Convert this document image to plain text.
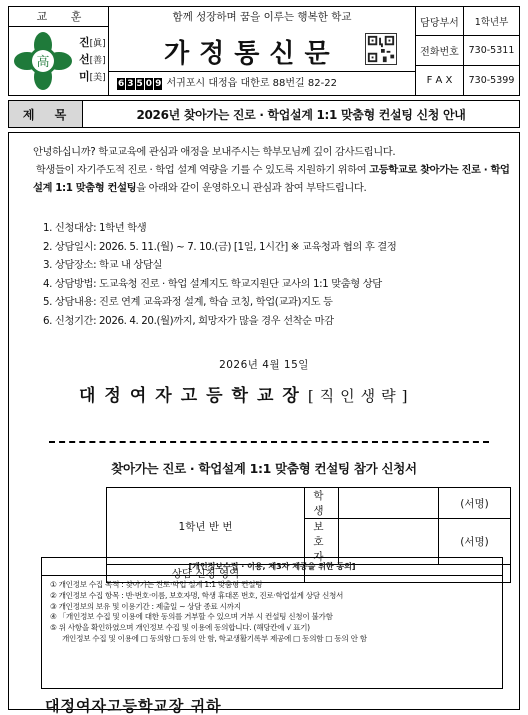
교 훈
高
진[眞]
선[善]
미[美]
함께 성장하며 꿈을 이루는 행복한 학교
가정통신문
6 3 5 0 9 서귀포시 대정읍 대한로 88번길 82-22
담당부서	1학년부
전화번호	730-5311
F A X	730-5399
제 목	2026년 찾아가는 진로 · 학업설계 1:1 맞춤형 컨설팅 신청 안내
안녕하십니까? 학교교육에 관심과 애정을 보내주시는 학부모님께 깊이 감사드립니다.
학생들이 자기주도적 진로 · 학업 설계 역량을 기를 수 있도록 지원하기 위하여 고등학교로 찾아가는 진로 · 학업설계 1:1 맞춤형 컨설팅을 아래와 같이 운영하오니 관심과 참여 부탁드립니다.
1. 신청대상: 1학년 학생
2. 상담일시: 2026. 5. 11.(월) ~ 7. 10.(금) [1일, 1시간] ※ 교육청과 협의 후 결정
3. 상담장소: 학교 내 상담실
4. 상담방법: 도교육청 진로 · 학업 설계지도 학교지원단 교사의 1:1 맞춤형 상담
5. 상담내용: 진로 연계 교육과정 설계, 학습 코칭, 학업(교과)지도 등
6. 신청기간: 2026. 4. 20.(월)까지, 희망자가 많을 경우 선착순 마감
2026년 4월 15일
대정여자고등학교장[직인생략]
찾아가는 진로 · 학업설계 1:1 맞춤형 컨설팅 참가 신청서
1학년 반 번	학생		(서명)
	보호자		(서명)
상담 신청 영역			
[개인정보수집 · 이용, 제3자 제공을 위한 동의]
① 개인정보 수집 목적 : 찾아가는 진로·학업 설계 1:1 맞춤형 컨설팅
② 개인정보 수집 항목 : 반·번호·이름, 보호자명, 학생 휴대폰 번호, 진로·학업설계 상담 신청서
③ 개인정보의 보유 및 이용기간 : 제출일 ~ 상담 종료 시까지
④ 「개인정보 수집 및 이용에 대한 동의를 거부할 수 있으며 거부 시 컨설팅 신청이 불가함
⑤ 위 사항을 확인하였으며 개인정보 수집 및 이용에 동의합니다. (해당칸에 √ 표기)
개인정보 수집 및 이용에 □ 동의함 □ 동의 안 함, 학교생활기록부 제공에 □ 동의함 □ 동의 안 함
대정여자고등학교장 귀하
